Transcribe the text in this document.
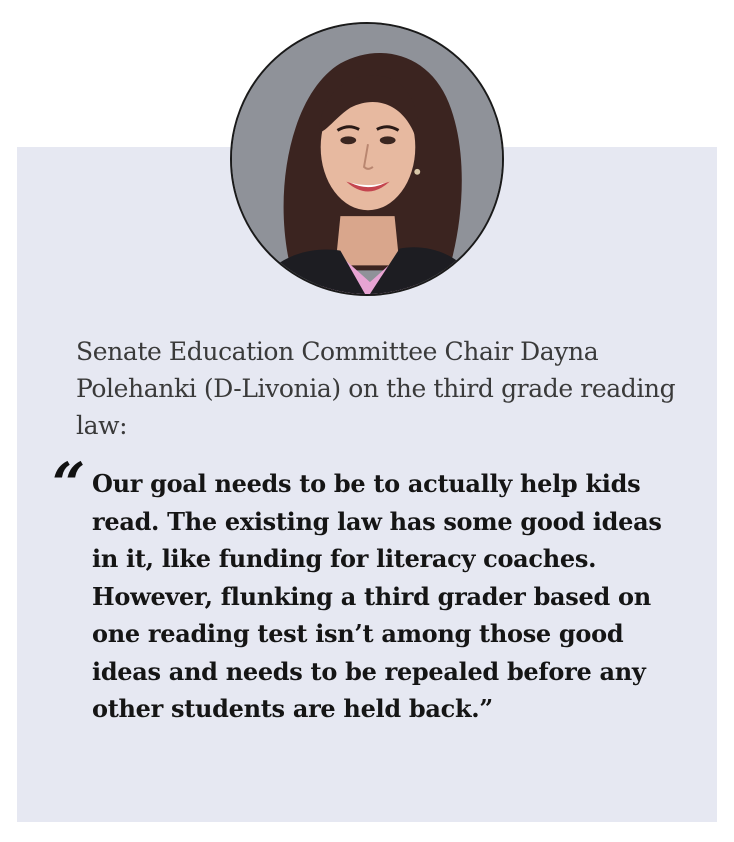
Senate Education Committee Chair Dayna Polehanki (D-Livonia) on the third grade reading law:

“ Our goal needs to be to actually help kids read. The existing law has some good ideas in it, like funding for literacy coaches. However, flunking a third grader based on one reading test isn’t among those good ideas and needs to be repealed before any other students are held back.”
